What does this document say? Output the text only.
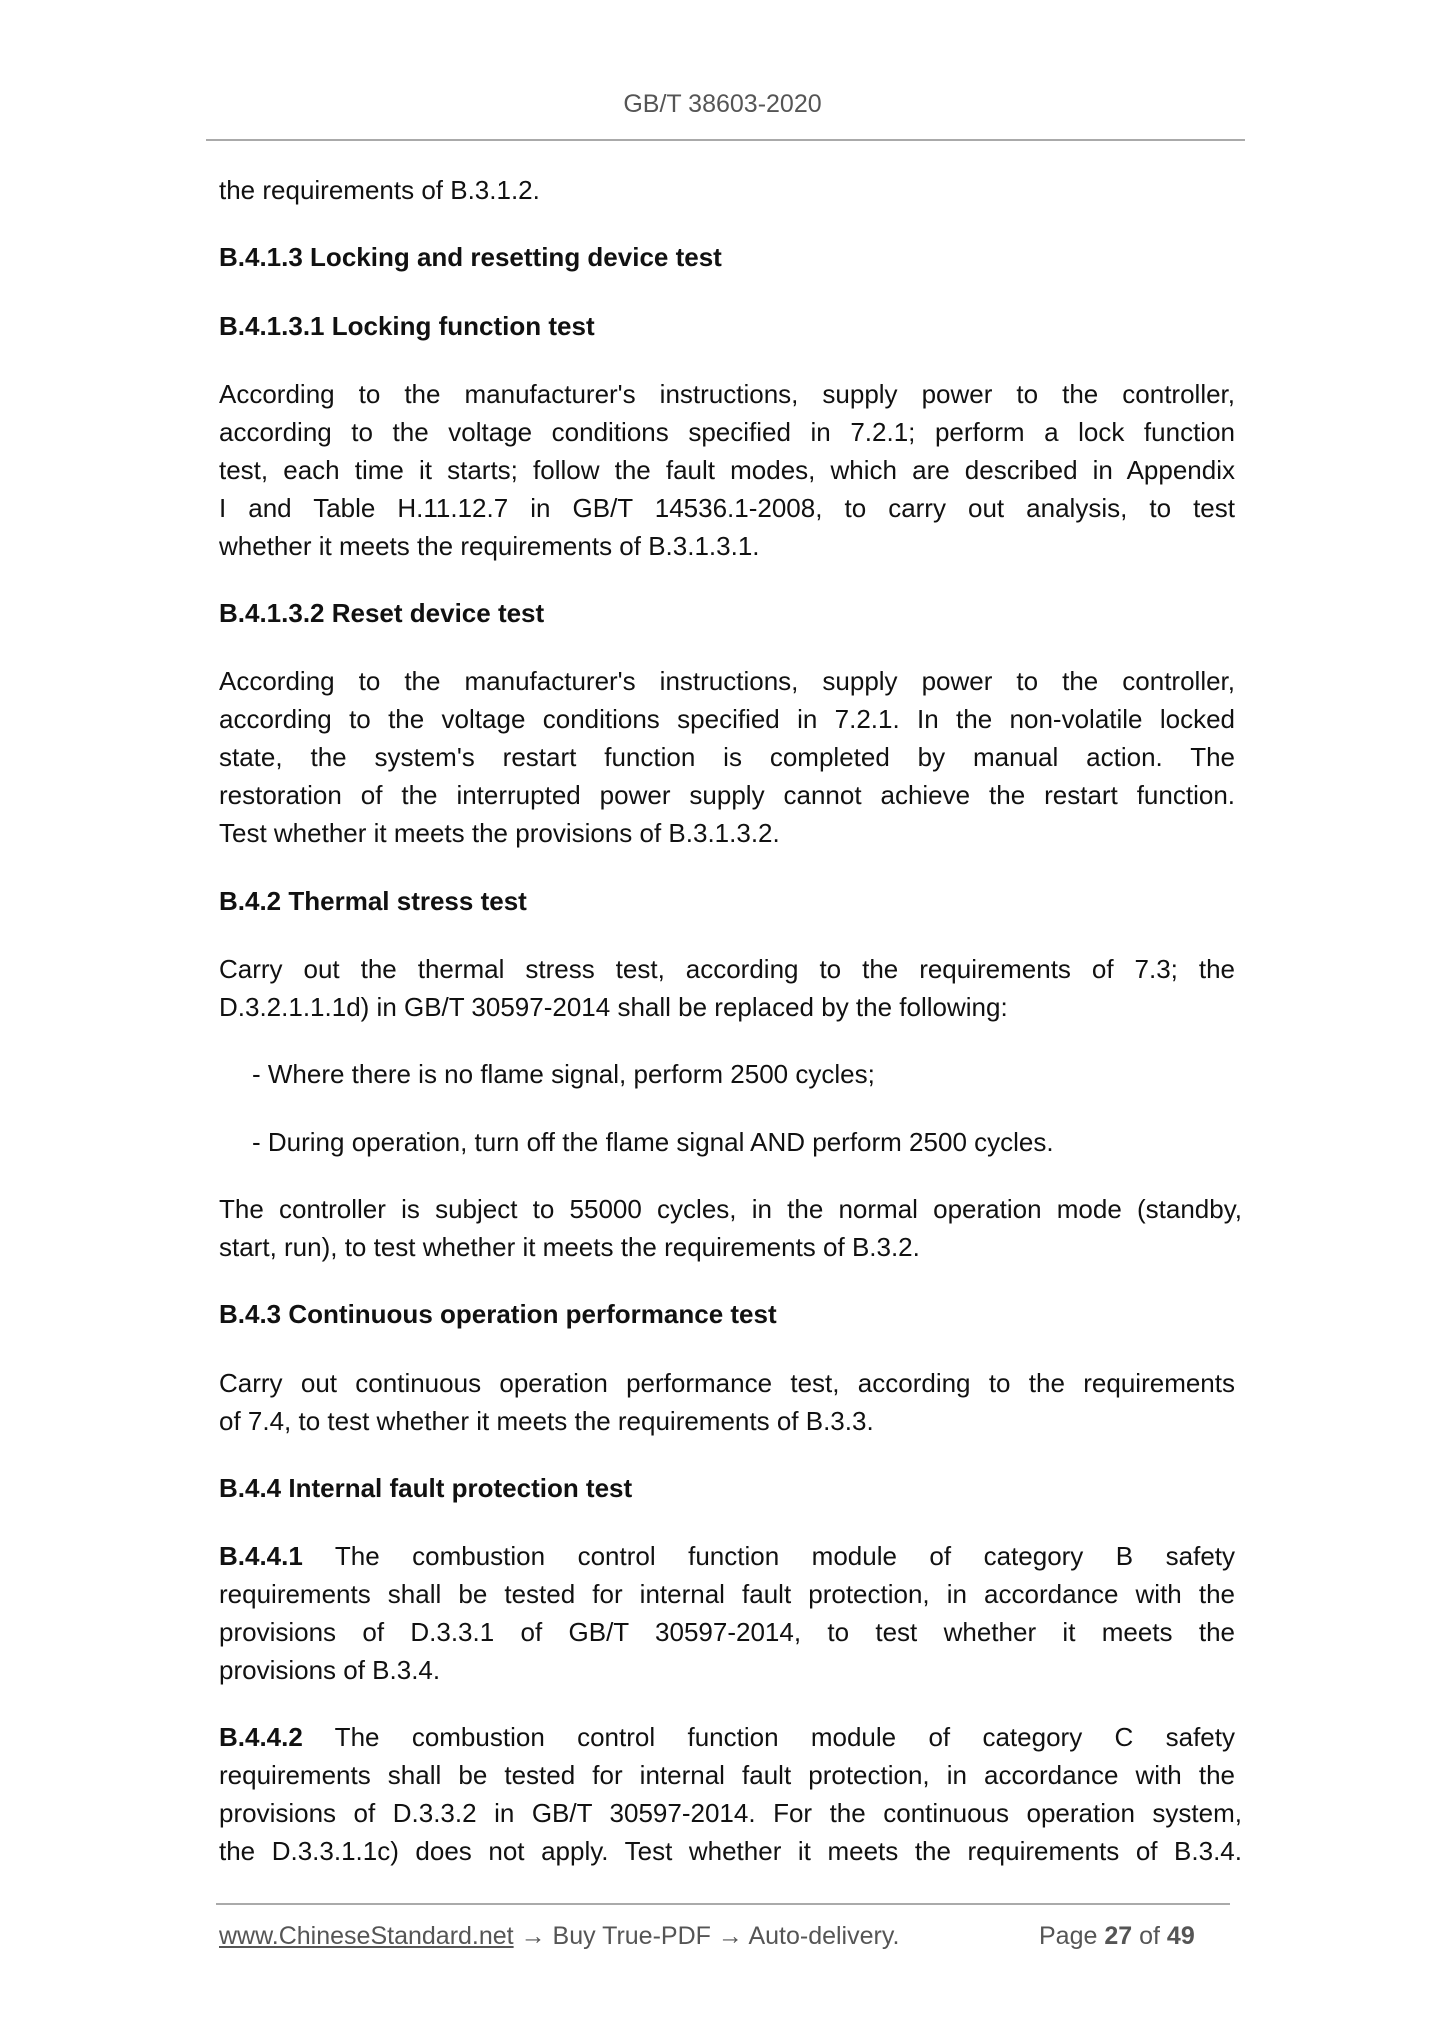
GB/T 38603-2020
the requirements of B.3.1.2.
B.4.1.3 Locking and resetting device test
B.4.1.3.1 Locking function test
According to the manufacturer's instructions, supply power to the controller,
according to the voltage conditions specified in 7.2.1; perform a lock function
test, each time it starts; follow the fault modes, which are described in Appendix
I and Table H.11.12.7 in GB/T 14536.1-2008, to carry out analysis, to test
whether it meets the requirements of B.3.1.3.1.
B.4.1.3.2 Reset device test
According to the manufacturer's instructions, supply power to the controller,
according to the voltage conditions specified in 7.2.1. In the non-volatile locked
state, the system's restart function is completed by manual action. The
restoration of the interrupted power supply cannot achieve the restart function.
Test whether it meets the provisions of B.3.1.3.2.
B.4.2 Thermal stress test
Carry out the thermal stress test, according to the requirements of 7.3; the
D.3.2.1.1.1d) in GB/T 30597-2014 shall be replaced by the following:
- Where there is no flame signal, perform 2500 cycles;
- During operation, turn off the flame signal AND perform 2500 cycles.
The controller is subject to 55000 cycles, in the normal operation mode (standby,
start, run), to test whether it meets the requirements of B.3.2.
B.4.3 Continuous operation performance test
Carry out continuous operation performance test, according to the requirements
of 7.4, to test whether it meets the requirements of B.3.3.
B.4.4 Internal fault protection test
B.4.4.1 The combustion control function module of category B safety
requirements shall be tested for internal fault protection, in accordance with the
provisions of D.3.3.1 of GB/T 30597-2014, to test whether it meets the
provisions of B.3.4.
B.4.4.2 The combustion control function module of category C safety
requirements shall be tested for internal fault protection, in accordance with the
provisions of D.3.3.2 in GB/T 30597-2014. For the continuous operation system,
the D.3.3.1.1c) does not apply. Test whether it meets the requirements of B.3.4.
www.ChineseStandard.net → Buy True-PDF → Auto-delivery.	Page 27 of 49
